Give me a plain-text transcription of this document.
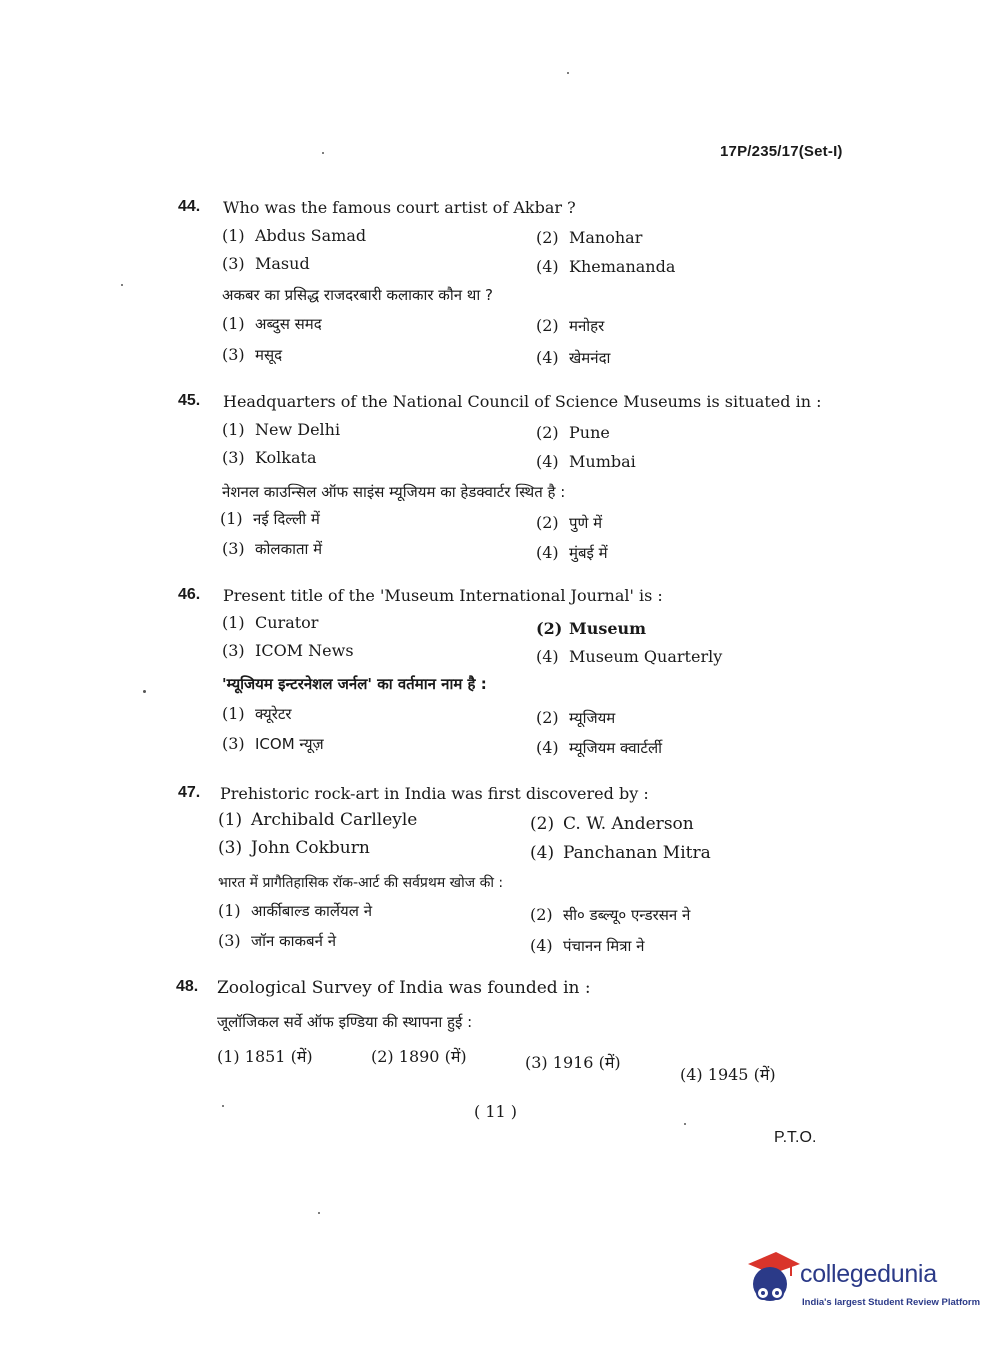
17P/235/17(Set-I)
44. Who was the famous court artist of Akbar ?
(1) Abdus Samad	(2) Manohar
(3) Masud	(4) Khemananda
अकबर का प्रसिद्ध राजदरबारी कलाकार कौन था ?
(1) अब्दुस समद	(2) मनोहर
(3) मसूद	(4) खेमनंदा
45. Headquarters of the National Council of Science Museums is situated in :
(1) New Delhi	(2) Pune
(3) Kolkata	(4) Mumbai
नेशनल काउन्सिल ऑफ साइंस म्यूजियम का हेडक्वार्टर स्थित है :
(1) नई दिल्ली में	(2) पुणे में
(3) कोलकाता में	(4) मुंबई में
46. Present title of the 'Museum International Journal' is :
(1) Curator	(2) Museum
(3) ICOM News	(4) Museum Quarterly
'म्यूजियम इन्टरनेशल जर्नल' का वर्तमान नाम है :
(1) क्यूरेटर	(2) म्यूजियम
(3) ICOM न्यूज़	(4) म्यूजियम क्वार्टर्ली
47. Prehistoric rock-art in India was first discovered by :
(1) Archibald Carlleyle	(2) C. W. Anderson
(3) John Cokburn	(4) Panchanan Mitra
भारत में प्रागैतिहासिक रॉक-आर्ट की सर्वप्रथम खोज की :
(1) आर्कीबाल्ड कार्लेयल ने	(2) सी० डब्ल्यू० एन्डरसन ने
(3) जॉन काकबर्न ने	(4) पंचानन मित्रा ने
48. Zoological Survey of India was founded in :
जूलॉजिकल सर्वे ऑफ इण्डिया की स्थापना हुई :
(1) 1851 (में)	(2) 1890 (में)	(3) 1916 (में)
(4) 1945 (में)
( 11 )
P.T.O.
collegedunia
India's largest Student Review Platform
